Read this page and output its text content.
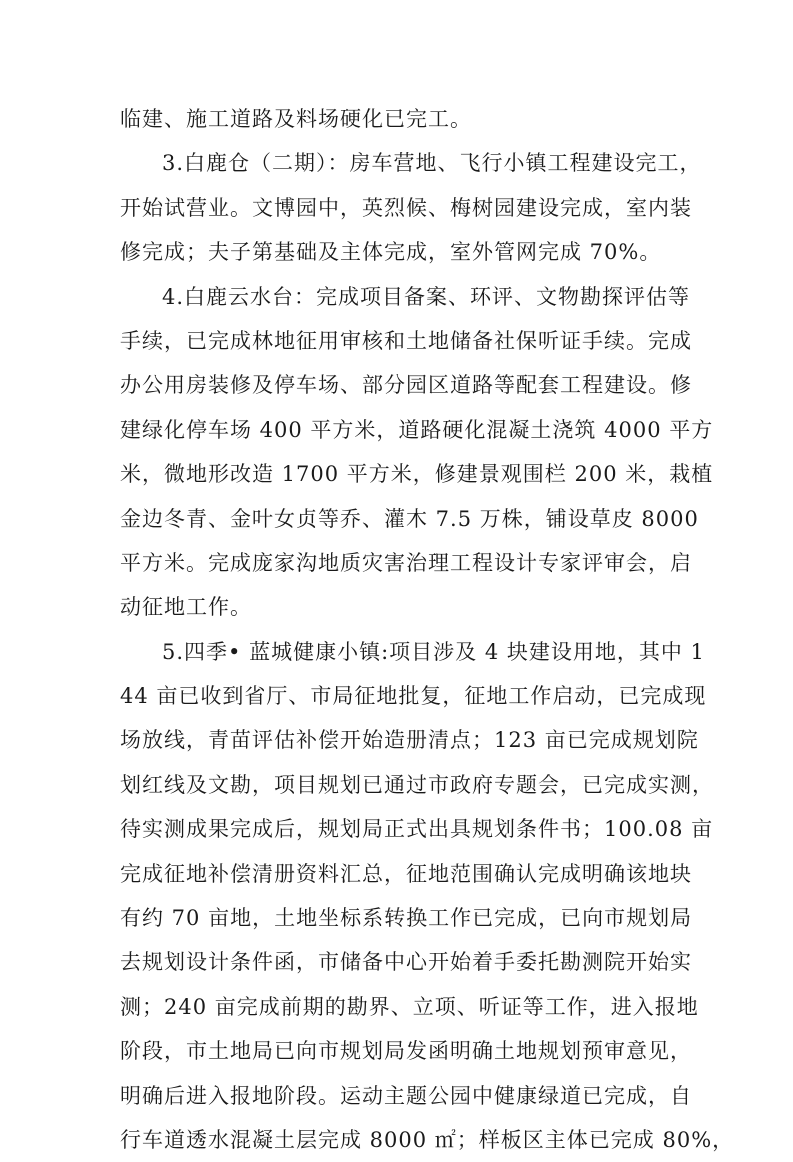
临建、施工道路及料场硬化已完工。
3.白鹿仓（二期）：房车营地、飞行小镇工程建设完工，
开始试营业。文博园中，英烈候、梅树园建设完成，室内装
修完成；夫子第基础及主体完成，室外管网完成 70%。
4.白鹿云水台：完成项目备案、环评、文物勘探评估等
手续，已完成林地征用审核和土地储备社保听证手续。完成
办公用房装修及停车场、部分园区道路等配套工程建设。修
建绿化停车场 400 平方米，道路硬化混凝土浇筑 4000 平方
米，微地形改造 1700 平方米，修建景观围栏 200 米，栽植
金边冬青、金叶女贞等乔、灌木 7.5 万株，铺设草皮 8000
平方米。完成庞家沟地质灾害治理工程设计专家评审会，启
动征地工作。
5.四季• 蓝城健康小镇:项目涉及 4 块建设用地，其中 1
44 亩已收到省厅、市局征地批复，征地工作启动，已完成现
场放线，青苗评估补偿开始造册清点；123 亩已完成规划院
划红线及文勘，项目规划已通过市政府专题会，已完成实测，
待实测成果完成后，规划局正式出具规划条件书；100.08 亩
完成征地补偿清册资料汇总，征地范围确认完成明确该地块
有约 70 亩地，土地坐标系转换工作已完成，已向市规划局
去规划设计条件函，市储备中心开始着手委托勘测院开始实
测；240 亩完成前期的勘界、立项、听证等工作，进入报地
阶段，市土地局已向市规划局发函明确土地规划预审意见，
明确后进入报地阶段。运动主题公园中健康绿道已完成，自
行车道透水混凝土层完成 8000 ㎡；样板区主体已完成 80%，
